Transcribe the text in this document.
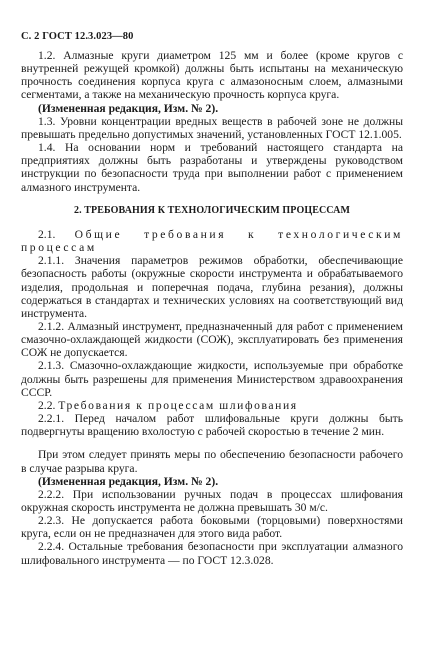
С. 2 ГОСТ 12.3.023—80

1.2. Алмазные круги диаметром 125 мм и более (кроме кругов с внутренней режущей кромкой) должны быть испытаны на механическую прочность соединения корпуса круга с алмазоносным слоем, алмазными сегментами, а также на механическую прочность корпуса круга.

(Измененная редакция, Изм. № 2).

1.3. Уровни концентрации вредных веществ в рабочей зоне не должны превышать предельно допустимых значений, установленных ГОСТ 12.1.005.

1.4. На основании норм и требований настоящего стандарта на предприятиях должны быть разработаны и утверждены руководством инструкции по безопасности труда при выполнении работ с применением алмазного инструмента.

2. ТРЕБОВАНИЯ К ТЕХНОЛОГИЧЕСКИМ ПРОЦЕССАМ

2.1. Общие требования к технологическим процессам

2.1.1. Значения параметров режимов обработки, обеспечивающие безопасность работы (окружные скорости инструмента и обрабатываемого изделия, продольная и поперечная подача, глубина резания), должны содержаться в стандартах и технических условиях на соответствующий вид инструмента.

2.1.2. Алмазный инструмент, предназначенный для работ с применением смазочно-охлаждающей жидкости (СОЖ), эксплуатировать без применения СОЖ не допускается.

2.1.3. Смазочно-охлаждающие жидкости, используемые при обработке должны быть разрешены для применения Министерством здравоохранения СССР.

2.2. Требования к процессам шлифования

2.2.1. Перед началом работ шлифовальные круги должны быть подвергнуты вращению вхолостую с рабочей скоростью в течение 2 мин.

При этом следует принять меры по обеспечению безопасности рабочего в случае разрыва круга.

(Измененная редакция, Изм. № 2).

2.2.2. При использовании ручных подач в процессах шлифования окружная скорость инструмента не должна превышать 30 м/с.

2.2.3. Не допускается работа боковыми (торцовыми) поверхностями круга, если он не предназначен для этого вида работ.

2.2.4. Остальные требования безопасности при эксплуатации алмазного шлифовального инструмента — по ГОСТ 12.3.028.
